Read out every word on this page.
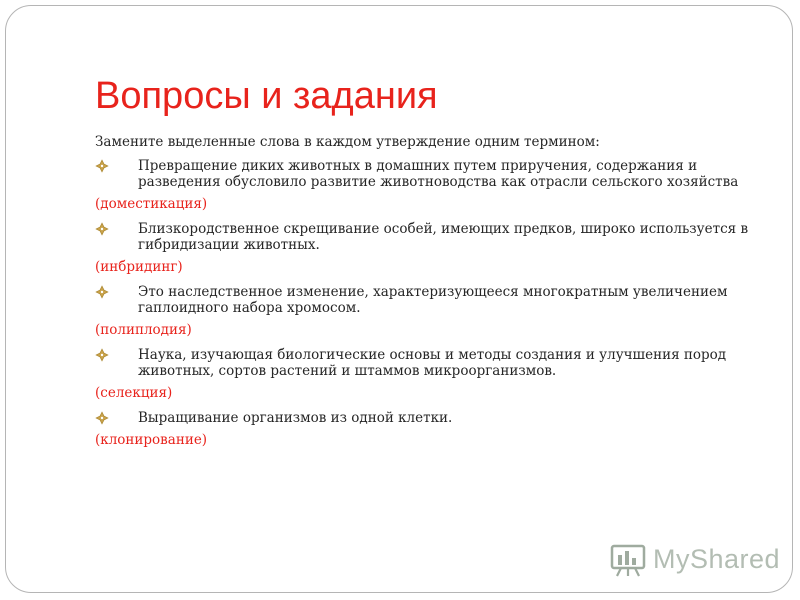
Вопросы и задания

Замените выделенные слова в каждом утверждение одним термином:

Превращение диких животных в домашних путем приручения, содержания и разведения обусловило развитие животноводства как отрасли сельского хозяйства

(доместикация)

Близкородственное скрещивание особей, имеющих предков, широко используется в гибридизации животных.

(инбридинг)

Это наследственное изменение, характеризующееся многократным увеличением гаплоидного набора хромосом.

(полиплодия)

Наука, изучающая биологические основы и методы создания и улучшения пород животных, сортов растений и штаммов микроорганизмов.

(селекция)

Выращивание организмов из одной клетки.

(клонирование)

MyShared
